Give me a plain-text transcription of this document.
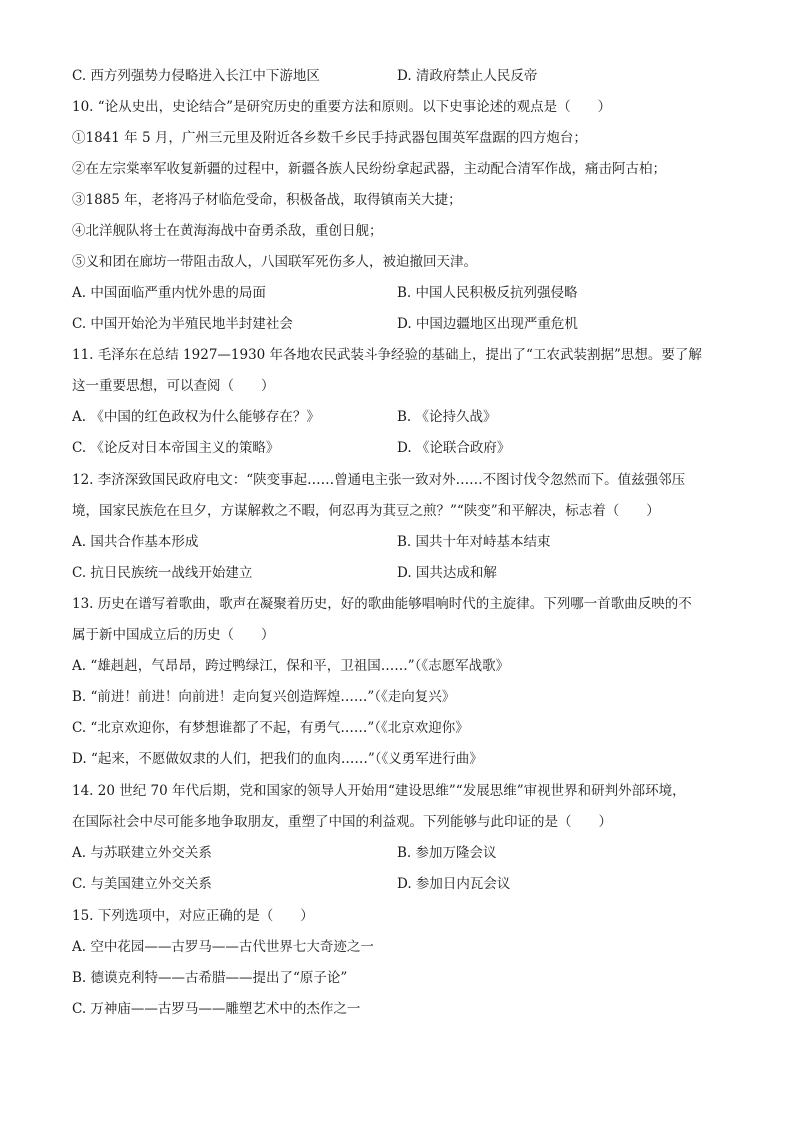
C. 西方列强势力侵略进入长江中下游地区	D. 清政府禁止人民反帝
10. “论从史出，史论结合”是研究历史的重要方法和原则。以下史事论述的观点是（　　）
①1841 年 5 月，广州三元里及附近各乡数千乡民手持武器包围英军盘踞的四方炮台；
②在左宗棠率军收复新疆的过程中，新疆各族人民纷纷拿起武器，主动配合清军作战，痛击阿古柏；
③1885 年，老将冯子材临危受命，积极备战，取得镇南关大捷；
④北洋舰队将士在黄海海战中奋勇杀敌，重创日舰；
⑤义和团在廊坊一带阻击敌人，八国联军死伤多人，被迫撤回天津。
A. 中国面临严重内忧外患的局面	B. 中国人民积极反抗列强侵略
C. 中国开始沦为半殖民地半封建社会	D. 中国边疆地区出现严重危机
11. 毛泽东在总结 1927—1930 年各地农民武装斗争经验的基础上，提出了“工农武装割据”思想。要了解
这一重要思想，可以查阅（　　）
A. 《中国的红色政权为什么能够存在？》	B. 《论持久战》
C. 《论反对日本帝国主义的策略》	D. 《论联合政府》
12. 李济深致国民政府电文：“陕变事起……曾通电主张一致对外……不图讨伐令忽然而下。值兹强邻压
境，国家民族危在旦夕，方谋解救之不暇，何忍再为萁豆之煎？”“陕变”和平解决，标志着（　　）
A. 国共合作基本形成	B. 国共十年对峙基本结束
C. 抗日民族统一战线开始建立	D. 国共达成和解
13. 历史在谱写着歌曲，歌声在凝聚着历史，好的歌曲能够唱响时代的主旋律。下列哪一首歌曲反映的不
属于新中国成立后的历史（　　）
A. “雄赳赳，气昂昂，跨过鸭绿江，保和平，卫祖国……”（《志愿军战歌》
B. “前进！前进！向前进！走向复兴创造辉煌……”（《走向复兴》
C. “北京欢迎你，有梦想谁都了不起，有勇气……”（《北京欢迎你》
D. “起来，不愿做奴隶的人们，把我们的血肉……”（《义勇军进行曲》
14. 20 世纪 70 年代后期，党和国家的领导人开始用“建设思维”“发展思维”审视世界和研判外部环境，
在国际社会中尽可能多地争取朋友，重塑了中国的利益观。下列能够与此印证的是（　　）
A. 与苏联建立外交关系	B. 参加万隆会议
C. 与美国建立外交关系	D. 参加日内瓦会议
15. 下列选项中，对应正确的是（　　）
A. 空中花园——古罗马——古代世界七大奇迹之一
B. 德谟克利特——古希腊——提出了“原子论”
C. 万神庙——古罗马——雕塑艺术中的杰作之一
